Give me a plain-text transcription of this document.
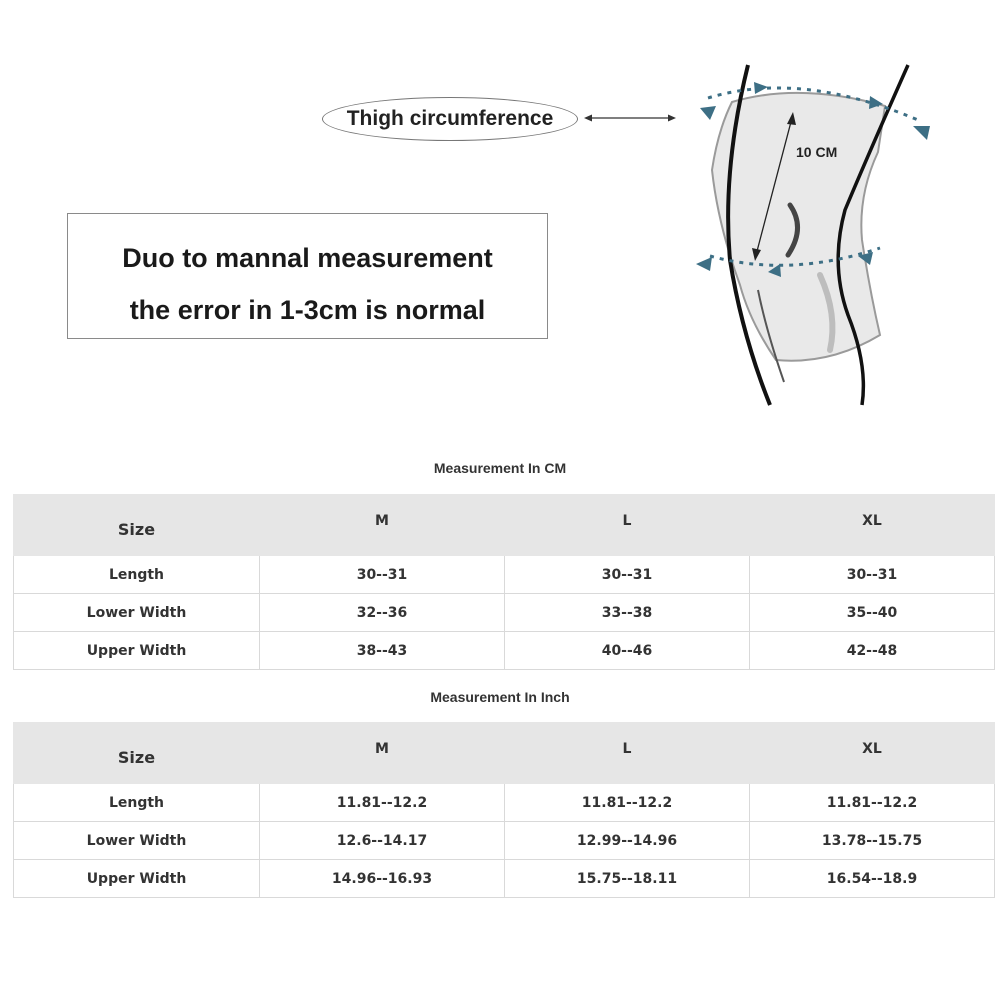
Thigh circumference
Duo to mannal measurement
the error in 1-3cm is normal
10 CM
Measurement In CM
Size	M	L	XL
Length	30--31	30--31	30--31
Lower Width	32--36	33--38	35--40
Upper Width	38--43	40--46	42--48
Measurement In Inch
Size	M	L	XL
Length	11.81--12.2	11.81--12.2	11.81--12.2
Lower Width	12.6--14.17	12.99--14.96	13.78--15.75
Upper Width	14.96--16.93	15.75--18.11	16.54--18.9
